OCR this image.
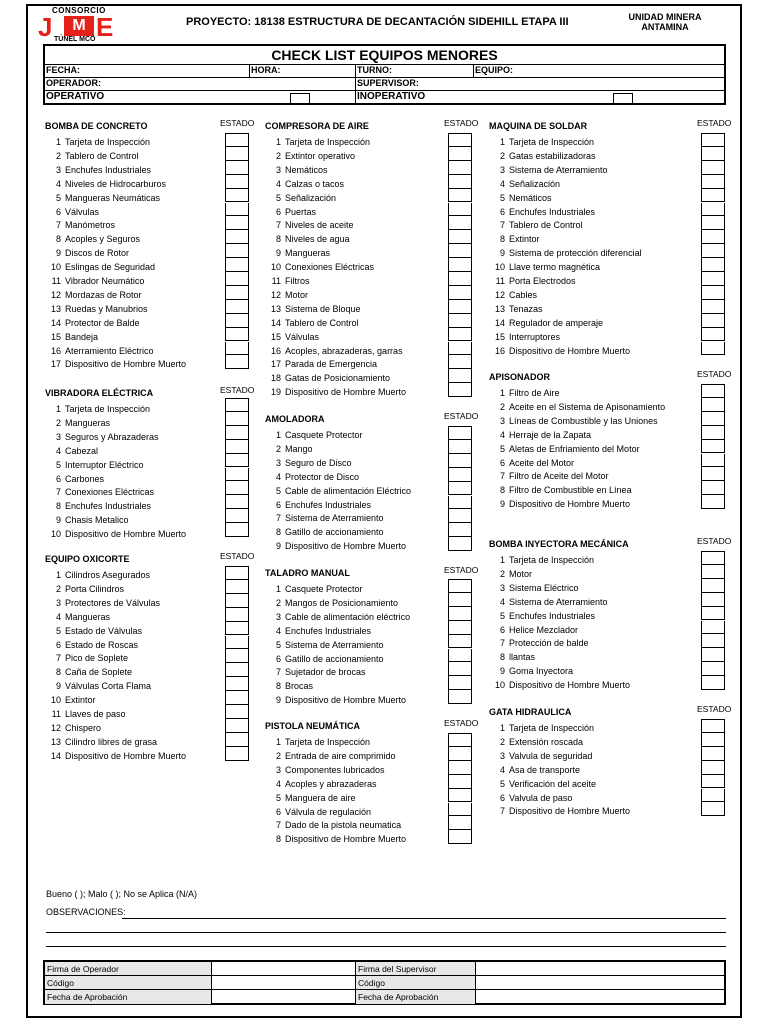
CONSORCIO
J	M E
TÚNEL MCO
PROYECTO: 18138 ESTRUCTURA DE DECANTACIÓN SIDEHILL ETAPA III	UNIDAD MINERA
ANTAMINA
CHECK LIST EQUIPOS MENORES
FECHA:	HORA:	TURNO:	EQUIPO:
OPERADOR:	SUPERVISOR:
OPERATIVO	INOPERATIVO
BOMBA DE CONCRETO	ESTADO
1 Tarjeta de Inspección
2 Tablero de Control
3 Enchufes Industriales
4 Niveles de Hidrocarburos
5 Mangueras Neumáticas
6 Válvulas
7 Manómetros
8 Acoples y Seguros
9 Discos de Rotor
10 Eslingas de Seguridad
11 Vibrador Neumático
12 Mordazas de Rotor
13 Ruedas y Manubrios
14 Protector de Balde
15 Bandeja
16 Aterramiento Eléctrico
17 Dispositivo de Hombre Muerto
VIBRADORA ELÉCTRICA	ESTADO
1 Tarjeta de Inspección
2 Mangueras
3 Seguros y Abrazaderas
4 Cabezal
5 Interruptor Eléctrico
6 Carbones
7 Conexiones Eléctricas
8 Enchufes Industriales
9 Chasis Metalico
10 Dispositivo de Hombre Muerto
EQUIPO OXICORTE	ESTADO
1 Cilindros Asegurados
2 Porta Cilindros
3 Protectores de Válvulas
4 Mangueras
5 Estado de Válvulas
6 Estado de Roscas
7 Pico de Soplete
8 Caña de Soplete
9 Válvulas Corta Flama
10 Extintor
11 Llaves de paso
12 Chispero
13 Cilindro libres de grasa
14 Dispositivo de Hombre Muerto
COMPRESORA DE AIRE	ESTADO
1 Tarjeta de Inspección
2 Extintor operativo
3 Nemáticos
4 Calzas o tacos
5 Señalización
6 Puertas
7 Niveles de aceite
8 Niveles de agua
9 Mangueras
10 Conexiones Eléctricas
11 Filtros
12 Motor
13 Sistema de Bloque
14 Tablero de Control
15 Válvulas
16 Acoples, abrazaderas, garras
17 Parada de Emergencia
18 Gatas de Posicionamiento
19 Dispositivo de Hombre Muerto
AMOLADORA	ESTADO
1 Casquete Protector
2 Mango
3 Seguro de Disco
4 Protector de Disco
5 Cable de alimentación Eléctrico
6 Enchufes Industriales
7 Sistema de Aterramiento
8 Gatillo de accionamiento
9 Dispositivo de Hombre Muerto
TALADRO MANUAL	ESTADO
1 Casquete Protector
2 Mangos de Posicionamiento
3 Cable de alimentación eléctrico
4 Enchufes Industriales
5 Sistema de Aterramiento
6 Gatillo de accionamiento
7 Sujetador de brocas
8 Brocas
9 Dispositivo de Hombre Muerto
PISTOLA NEUMÁTICA	ESTADO
1 Tarjeta de Inspección
2 Entrada de aire comprimido
3 Componentes lubricados
4 Acoples y abrazaderas
5 Manguera de aire
6 Válvula de regulación
7 Dado de la pistola neumatica
8 Dispositivo de Hombre Muerto
MAQUINA DE SOLDAR	ESTADO
1 Tarjeta de Inspección
2 Gatas estabilizadoras
3 Sistema de Aterramiento
4 Señalización
5 Nemáticos
6 Enchufes Industriales
7 Tablero de Control
8 Extintor
9 Sistema de protección diferencial
10 Llave termo magnética
11 Porta Electrodos
12 Cables
13 Tenazas
14 Regulador de amperaje
15 Interruptores
16 Dispositivo de Hombre Muerto
APISONADOR	ESTADO
1 Filtro de Aire
2 Aceite en el Sistema de Apisonamiento
3 Líneas de Combustible y las Uniones
4 Herraje de la Zapata
5 Aletas de Enfriamiento del Motor
6 Aceite del Motor
7 Filtro de Aceite del Motor
8 Filtro de Combustible en Línea
9 Dispositivo de Hombre Muerto
BOMBA INYECTORA MECÁNICA	ESTADO
1 Tarjeta de Inspección
2 Motor
3 Sistema Eléctrico
4 Sistema de Aterramiento
5 Enchufes Industriales
6 Helice Mezclador
7 Protección de balde
8 llantas
9 Goma Inyectora
10 Dispositivo de Hombre Muerto
GATA HIDRAULICA	ESTADO
1 Tarjeta de Inspección
2 Extensión roscada
3 Valvula de seguridad
4 Asa de transporte
5 Verificación del aceite
6 Valvula de paso
7 Dispositivo de Hombre Muerto
Bueno ( ); Malo ( ); No se Aplica (N/A)
OBSERVACIONES:
Firma de Operador	Firma del Supervisor
Código	Código
Fecha de Aprobación	Fecha de Aprobación
